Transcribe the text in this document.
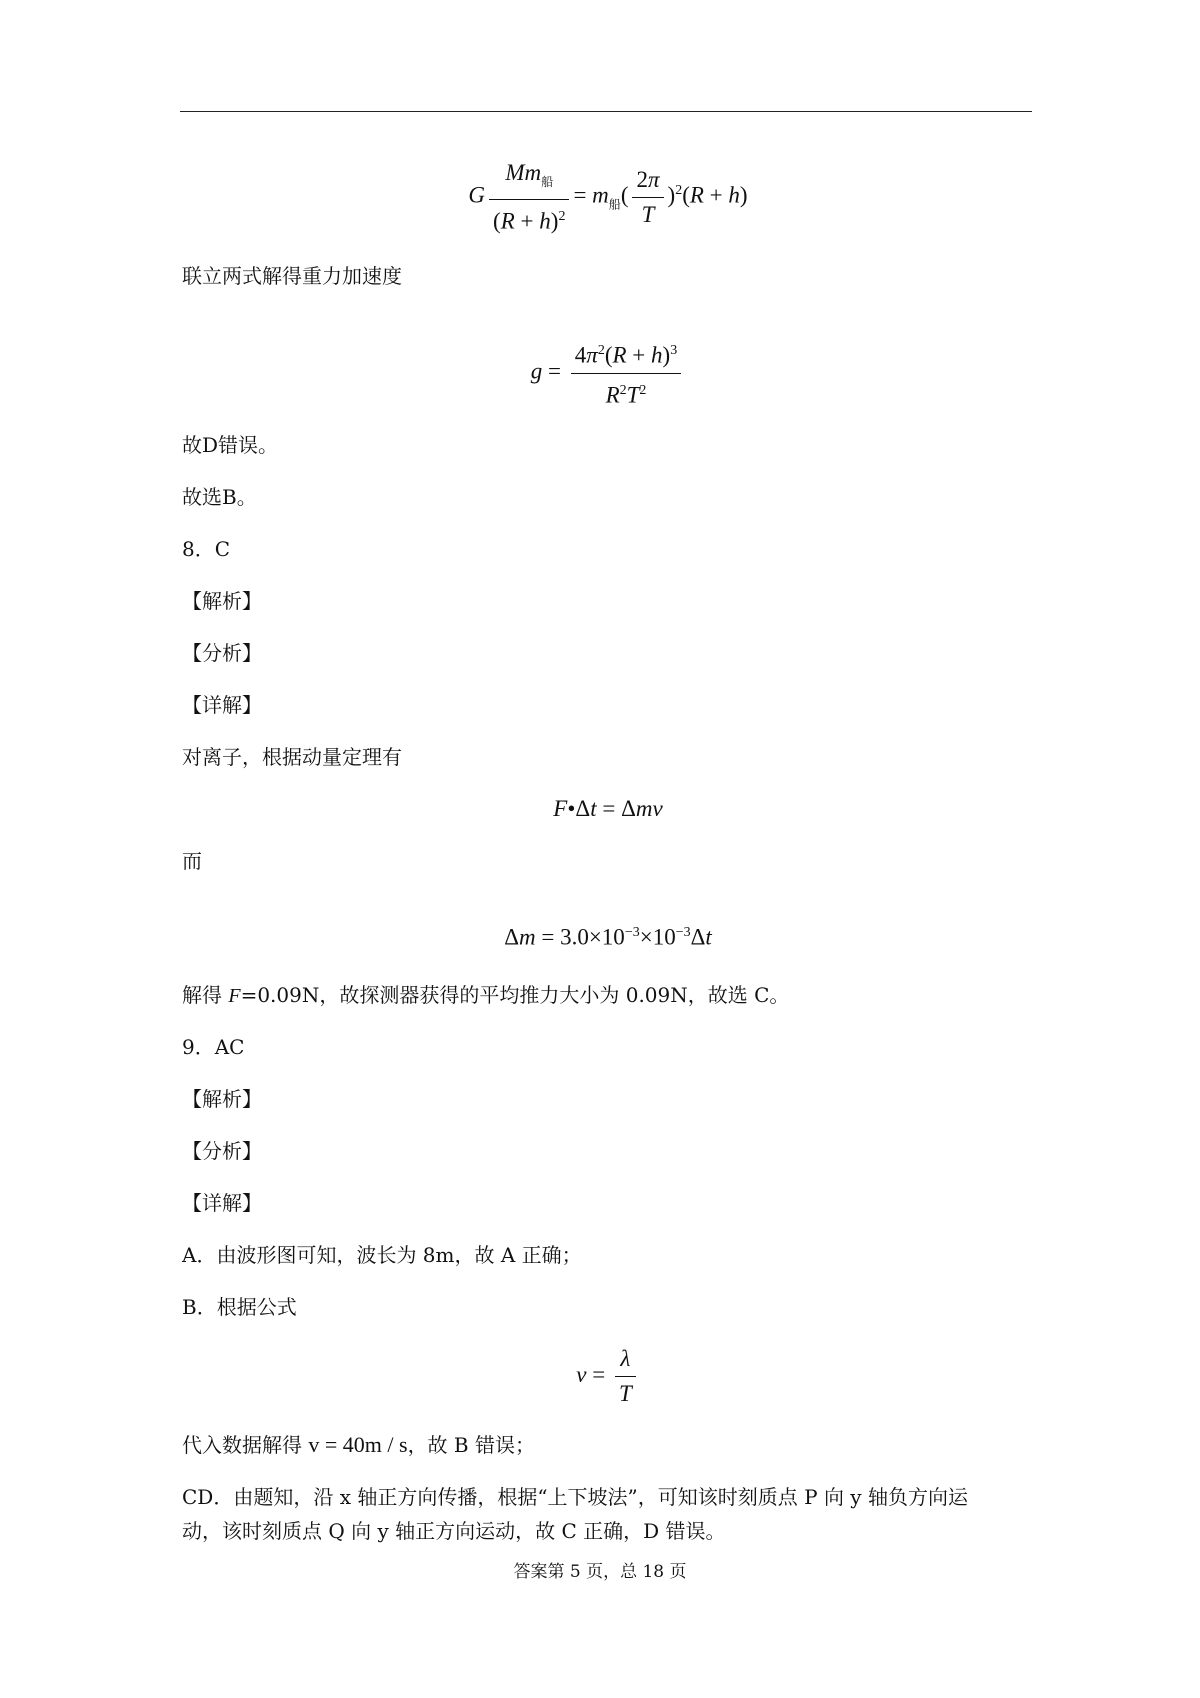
G $\frac{Mm_船}{(R + h)^2} = m_船( \frac{2\pi}{T} )^2(R + h)$
联立两式解得重力加速度
$g = \frac{4\pi^2(R + h)^3}{R^2T^2}$
故D错误。
故选B。
8．C
【解析】
【分析】
【详解】
对离子，根据动量定理有
F•Δt = Δmv
而
$\Delta m = 3.0\times 10^{-3}\times 10^{-3}\Delta t$
解得 F=0.09N，故探测器获得的平均推力大小为 0.09N，故选 C。
9．AC
【解析】
【分析】
【详解】
A．由波形图可知，波长为 8m，故 A 正确；
B．根据公式
$v = \frac{\lambda}{T}$
代入数据解得 v = 40m / s，故 B 错误；
CD．由题知，沿 x 轴正方向传播，根据“上下坡法”，可知该时刻质点 P 向 y 轴负方向运
动，该时刻质点 Q 向 y 轴正方向运动，故 C 正确，D 错误。
答案第 5 页，总 18 页
